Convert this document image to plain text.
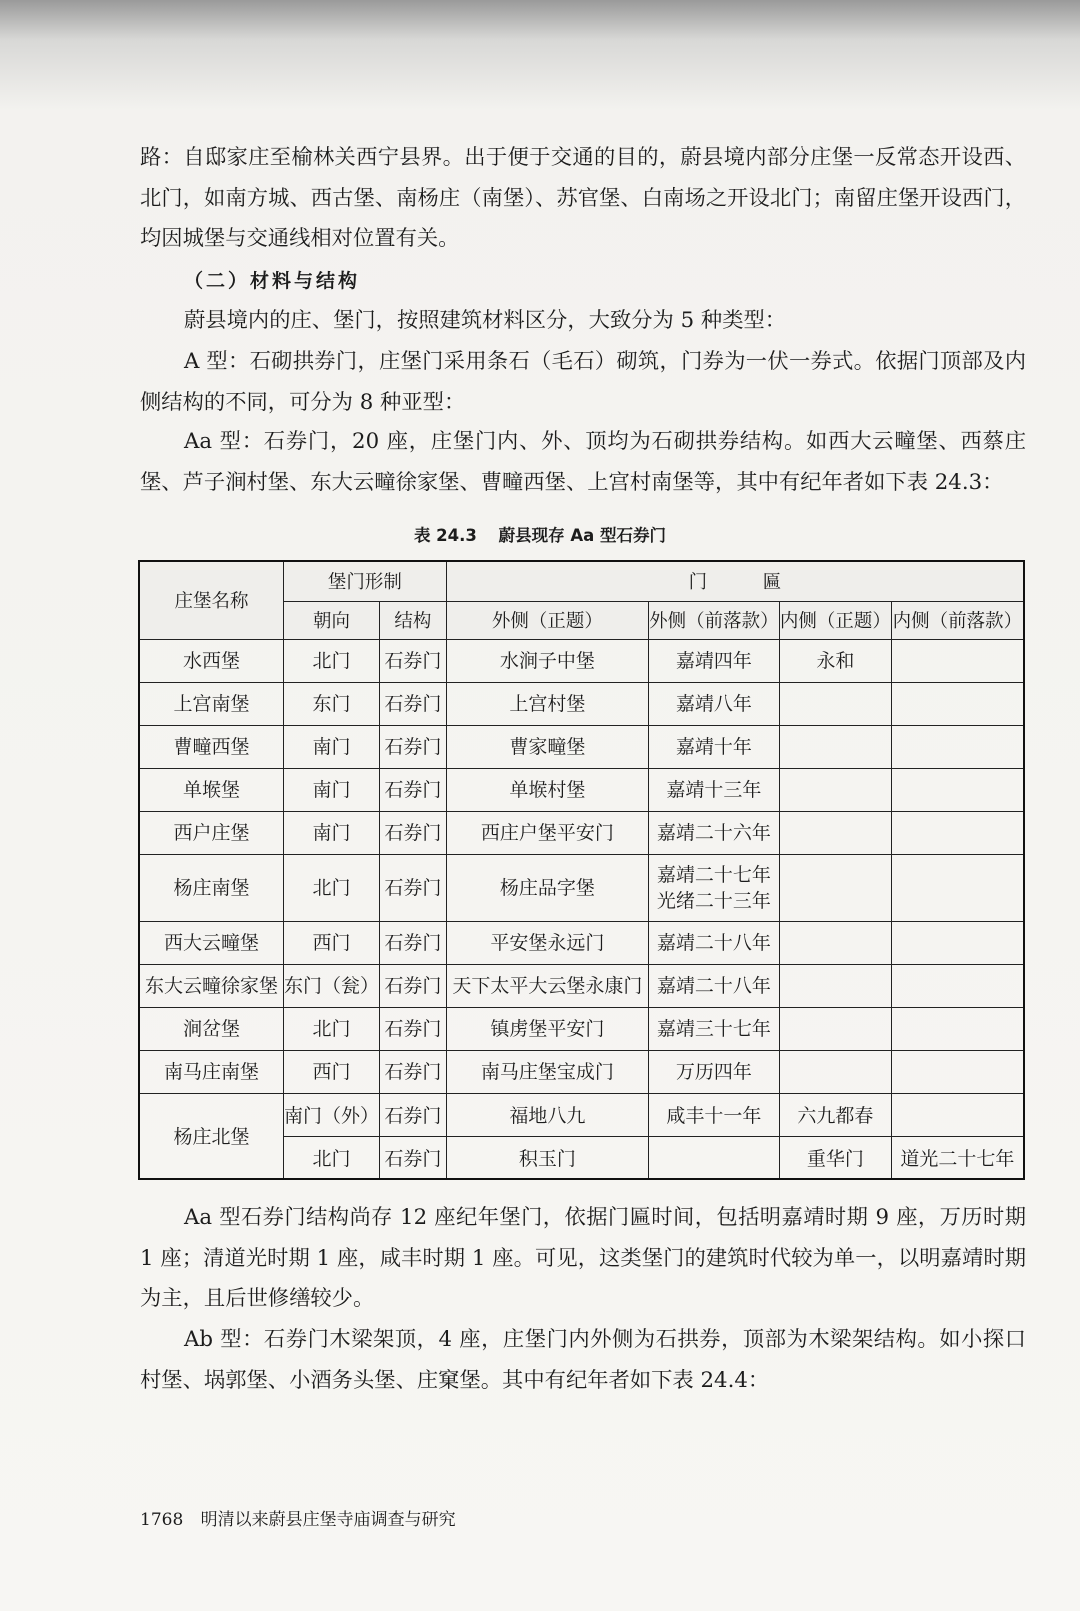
路：自邸家庄至榆林关西宁县界。出于便于交通的目的，蔚县境内部分庄堡一反常态开设西、北门，如南方城、西古堡、南杨庄（南堡）、苏官堡、白南场之开设北门；南留庄堡开设西门，均因城堡与交通线相对位置有关。

（二）材料与结构

蔚县境内的庄、堡门，按照建筑材料区分，大致分为 5 种类型：

A 型：石砌拱券门，庄堡门采用条石（毛石）砌筑，门券为一伏一券式。依据门顶部及内侧结构的不同，可分为 8 种亚型：

Aa 型：石券门，20 座，庄堡门内、外、顶均为石砌拱券结构。如西大云疃堡、西蔡庄堡、芦子涧村堡、东大云疃徐家堡、曹疃西堡、上宫村南堡等，其中有纪年者如下表 24.3：

表 24.3 蔚县现存 Aa 型石券门
庄堡名称	堡门形制		门　　　匾			
	朝向	结构	外侧（正题）	外侧（前落款）	内侧（正题）	内侧（前落款）
水西堡	北门	石券门	水涧子中堡	嘉靖四年	永和	
上宫南堡	东门	石券门	上宫村堡	嘉靖八年		
曹疃西堡	南门	石券门	曹家疃堡	嘉靖十年		
单堠堡	南门	石券门	单堠村堡	嘉靖十三年		
西户庄堡	南门	石券门	西庄户堡平安门	嘉靖二十六年		
杨庄南堡	北门	石券门	杨庄品字堡	嘉靖二十七年
光绪二十三年		
西大云疃堡	西门	石券门	平安堡永远门	嘉靖二十八年		
东大云疃徐家堡	东门（瓮）	石券门	天下太平大云堡永康门	嘉靖二十八年		
涧岔堡	北门	石券门	镇虏堡平安门	嘉靖三十七年		
南马庄南堡	西门	石券门	南马庄堡宝成门	万历四年		
杨庄北堡	南门（外）	石券门	福地八九	咸丰十一年	六九都春	
	北门	石券门	积玉门		重华门	道光二十七年

Aa 型石券门结构尚存 12 座纪年堡门，依据门匾时间，包括明嘉靖时期 9 座，万历时期 1 座；清道光时期 1 座，咸丰时期 1 座。可见，这类堡门的建筑时代较为单一，以明嘉靖时期为主，且后世修缮较少。

Ab 型：石券门木梁架顶，4 座，庄堡门内外侧为石拱券，顶部为木梁架结构。如小探口村堡、埚郭堡、小酒务头堡、庄窠堡。其中有纪年者如下表 24.4：

1768 明清以来蔚县庄堡寺庙调查与研究
